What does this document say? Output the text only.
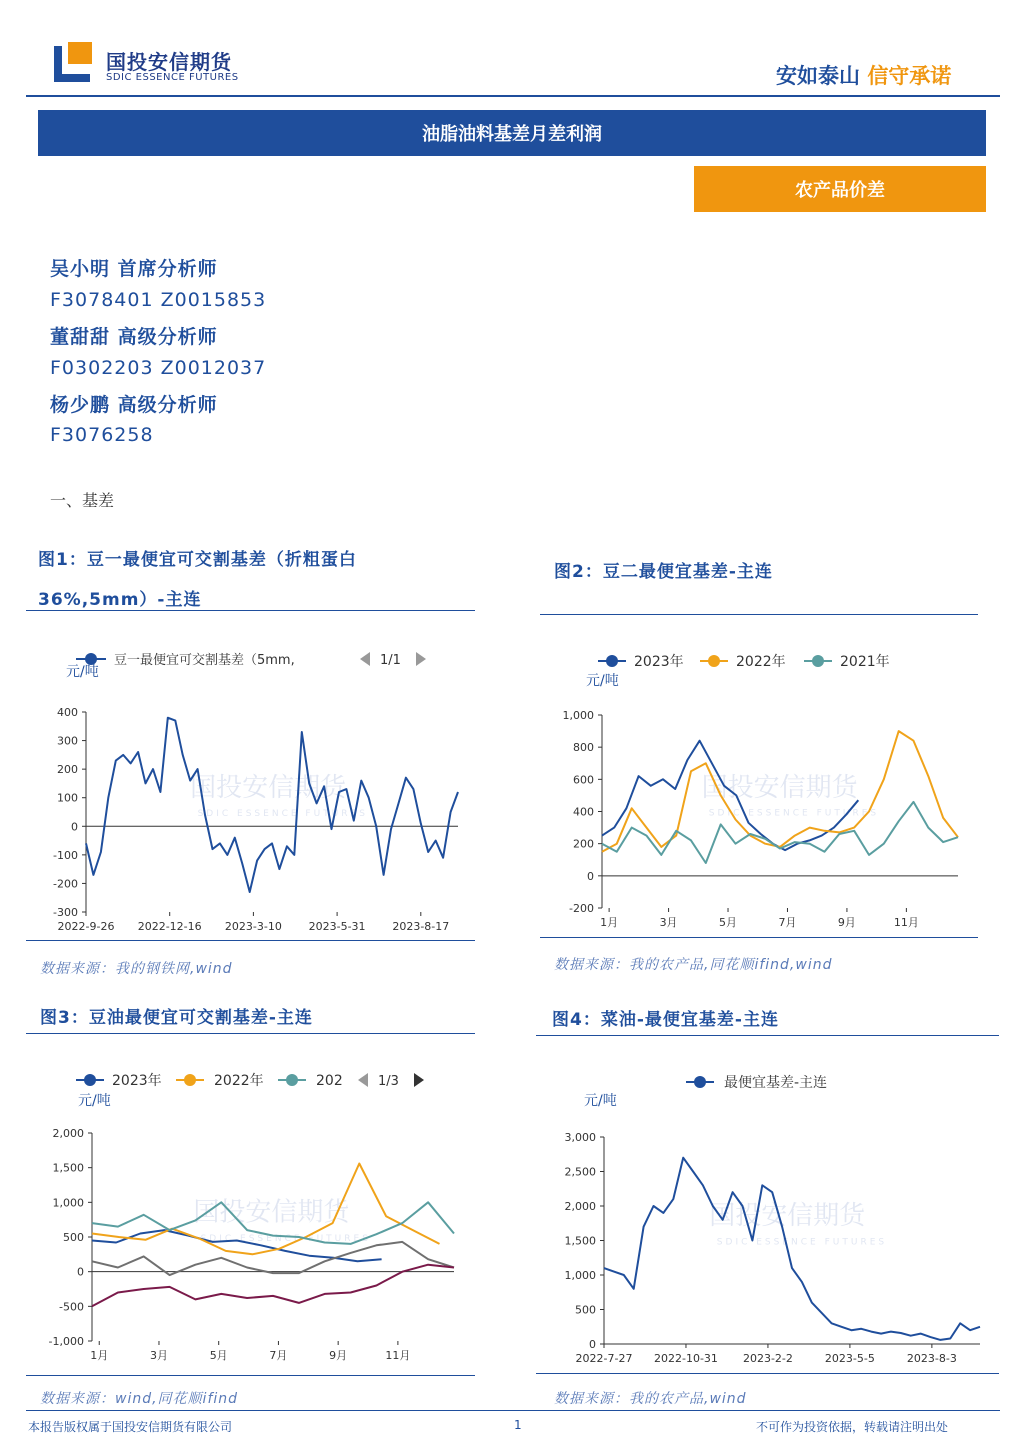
国投安信期货
SDIC ESSENCE FUTURES	安如泰山 信守承诺
油脂油料基差月差利润
农产品价差
吴小明 首席分析师
F3078401 Z0015853
董甜甜 高级分析师
F0302203 Z0012037
杨少鹏 高级分析师
F3076258
一、基差
图1：豆一最便宜可交割基差（折粗蛋白
36%,5mm）-主连
图2：豆二最便宜基差-主连
图3：豆油最便宜可交割基差-主连	图4：菜油-最便宜基差-主连
豆一最便宜可交割基差（5mm,	1/1
元/吨
国投安信期货
SDIC ESSENCE FUTURES
400
300
200
100
0
-100
-200
-300
2022-9-26 2022-12-16 2023-3-10 2023-5-31 2023-8-17
数据来源：我的钢铁网,wind
元/吨
2023年	2022年	2021年
国投安信期货
SDIC ESSENCE FUTURES
1,000
800
600
400
200
0
-200
1月	3月	5月	7月	9月	11月
数据来源：我的农产品,同花顺ifind,wind
元/吨
2023年	2022年	202	1/3
国投安信期货
SDIC ESSENCE FUTURES
2,000
1,500
1,000
500
0
-500
-1,000
1月	3月	5月	7月	9月	11月
数据来源：wind,同花顺ifind
元/吨
最便宜基差-主连
国投安信期货
SDIC ESSENCE FUTURES
3,000
2,500
2,000
1,500
1,000
500
0
2022-7-27 2022-10-31 2023-2-2	2023-5-5	2023-8-3
数据来源：我的农产品,wind
本报告版权属于国投安信期货有限公司	1	不可作为投资依据，转载请注明出处
